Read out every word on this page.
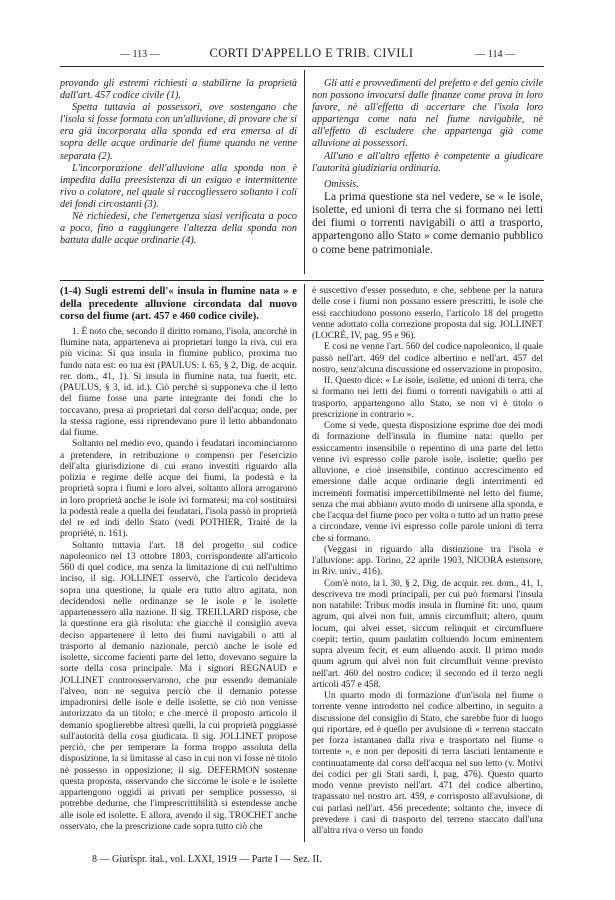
— 113 —	CORTI D'APPELLO E TRIB. CIVILI	— 114 —

provando gli estremi richiesti a stabilirne la proprietà dall'art. 457 codice civile (1).

Spetta tuttavia ai possessori, ove sostengano che l'isola si fosse formata con un'alluvione, di provare che si era già incorporata alla sponda ed era emersa al di sopra delle acque ordinarie del fiume quando ne venne separata (2).

L'incorporazione dell'alluvione alla sponda non è impedita dalla preesistenza di un esiguo e intermittente rivo o colatore, nel quale si raccogliessero soltanto i coli dei fondi circostanti (3).

Nè richiedesi, che l'emergenza siasi verificata a poco a poco, fino a raggiungere l'altezza della sponda non battuta dalle acque ordinarie (4).

Gli atti e provvedimenti del prefetto e del genio civile non possono invocarsi dalle finanze come prova in loro favore, nè all'effetto di accertare che l'isola loro appartenga come nata nel fiume navigabile, nè all'effetto di escludere che appartenga già come alluvione ai possessori.

All'uno e all'altro effetto è competente a giudicare l'autorità giudiziaria ordinaria.

Omissis.

La prima questione sta nel vedere, se « le isole, isolette, ed unioni di terra che si formano nei letti dei fiumi o torrenti navigabili o atti a trasporto, appartengono allo Stato » come demanio pubblico o come bene patrimoniale.

(1-4) Sugli estremi dell'« insula in flumine nata » e della precedente alluvione circondata dal nuovo corso del fiume (art. 457 e 460 codice civile).

1. È noto che, secondo il diritto romano, l'isola, ancorchè in flumine nata, apparteneva ai proprietari lungo la riva, cui era più vicina: Si qua insula in flumine publico, proxima tuo fundo nata est: eo tua est (PAULUS: l. 65, § 2, Dig. de acquir. rer. dom., 41, 1). Si insula in flumine nata, tua fuerit, etc. (PAULUS, § 3, id. id.). Ciò perchè si supponeva che il letto del fiume fosse una parte integrante dei fondi che lo toccavano, presa ai proprietari dal corso dell'acqua; onde, per la stessa ragione, essi riprendevano pure il letto abbandonato dal fiume.

Soltanto nel medio evo, quando i feudatari incominciarono a pretendere, in retribuzione o compenso per l'esercizio dell'alta giurisdizione di cui erano investiti riguardo alla polizia e regime delle acque dei fiumi, la podestà e la proprietà sopra i fiumi e loro alvei, soltanto allora arrogarono in loro proprietà anche le isole ivi formatesi; ma col sostituirsi la podestà reale a quella dei feudatari, l'isola passò in proprietà del re ed indi dello Stato (vedi POTHIER, Traité de la propriété, n. 161).

Soltanto tuttavia l'art. 18 del progetto sul codice napoleonico nel 13 ottobre 1803, corrispondente all'articolo 560 di quel codice, ma senza la limitazione di cui nell'ultimo inciso, il sig. JOLLINET osservò, che l'articolo decideva sopra una questione, la quale era tutto altro agitata, non decidendosi nelle ordinanze se le isole e le isolette appartenessero alla nazione. Il sig. TREILLARD rispose, che la questione era già risoluta: che giacchè il consiglio aveva deciso appartenere il letto dei fiumi navigabili o atti al trasporto al demanio nazionale, perciò anche le isole ed isolette, siccome facienti parte del letto, dovevano seguire la sorte della cosa principale. Ma i signori REGNAUD e JOLLINET controosservarono, che pur essendo demaniale l'alveo, non ne seguiva perciò che il demanio potesse impadronirsi delle isole e delle isolette, se ciò non venisse autorizzato da un titolo; e che mercè il proposto articolo il demanio spoglierebbe altresì quelli, la cui proprietà poggiasse sull'autorità della cosa giudicata. Il sig. JOLLINET propose perciò, che per temperare la forma troppo assoluta della disposizione, la si limitasse al caso in cui non vi fosse nè titolo nè possesso in opposizione; il sig. DEFERMON sostenne questa proposta, osservando che siccome le isole e le isolette appartengono oggidì ai privati per semplice possesso, si potrebbe dedurne, che l'imprescrittibilità si estendesse anche alle isole ed isolette. E allora, avendo il sig. TROCHET anche osservato, che la prescrizione cade sopra tutto ciò che

è suscettivo d'esser posseduto, e che, sebbene per la natura delle cose i fiumi non possano essere prescritti, le isole che essi racchiudono possono esserlo, l'articolo 18 del progetto venne adottato colla correzione proposta dal sig. JOLLINET (LOCRÉ, IV, pag. 95 e 96).

E così ne venne l'art. 560 del codice napoleonico, il quale passò nell'art. 469 del codice albertino e nell'art. 457 del nostro, senz'alcuna discussione ed osservazione in proposito.

II. Questo dice: « Le isole, isolette, ed unioni di terra, che si formano nei letti dei fiumi o torrenti navigabili o atti al trasporto, appartengono allo Stato, se non vi è titolo o prescrizione in contrario ».

Come si vede, questa disposizione esprime due dei modi di formazione dell'insula in flumine nata: quello per essiccamento insensibile o repentino di una parte del letto venne ivi espresso colle parole isole, isolette; quello per alluvione, e cioè insensibile, continuo accrescimento ed emersione dalle acque ordinarie degli interrimenti ed incrementi formatisi impercettibilmente nel letto del fiume, senza che mai abbiano avuto modo di unirsene alla sponda, e che l'acqua del fiume poco per volta o tutto ad un tratto prese a circondare, venne ivi espresso colle parole unioni di terra che si formano.

(Veggasi in riguardo alla distinzione tra l'isola e l'alluvione: app. Torino, 22 aprile 1903, NICORA estensore, in Riv. univ., 416).

Com'è noto, la l. 30, § 2, Dig. de acquir. rer. dom., 41, 1, descriveva tre modi principali, per cui può formarsi l'insula non natabile: Tribus modis insula in flumine fit: uno, quum agrum, qui alvei non fuit, amnis circumfluit; altero, quum locum, qui alvei esset, siccum relinquit et circumfluere coepit; tertio, quum paulatim colluendo locum eminentem supra alveum fecit, et eum alluendo auxit. Il primo modo quum agrum qui alvei non fuit circumfluit venne previsto nell'art. 460 del nostro codice; il secondo ed il terzo negli articoli 457 e 458.

Un quarto modo di formazione d'un'isola nel fiume o torrente venne introdotto nel codice albertino, in seguito a discussione del consiglio di Stato, che sarebbe fuor di luogo qui riportare, ed è quello per avulsione di « terreno staccato per forza istantanea dalla riva e trasportato nel fiume o torrente », e non per depositi di terra lasciati lentamente e continuatamente dal corso dell'acqua nel suo letto (v. Motivi dei codici per gli Stati sardi, I, pag. 476). Questo quarto modo venne previsto nell'art. 471 del codice albertino, trapassato nel nostro art. 459, e corrisposto all'avulsione, di cui parlasi nell'art. 456 precedente; soltanto che, invece di prevedere i casi di trasporto del terreno staccato dall'una all'altra riva o verso un fondo

8 — Giurispr. ital., vol. LXXI, 1919 — Parte I — Sez. II.
